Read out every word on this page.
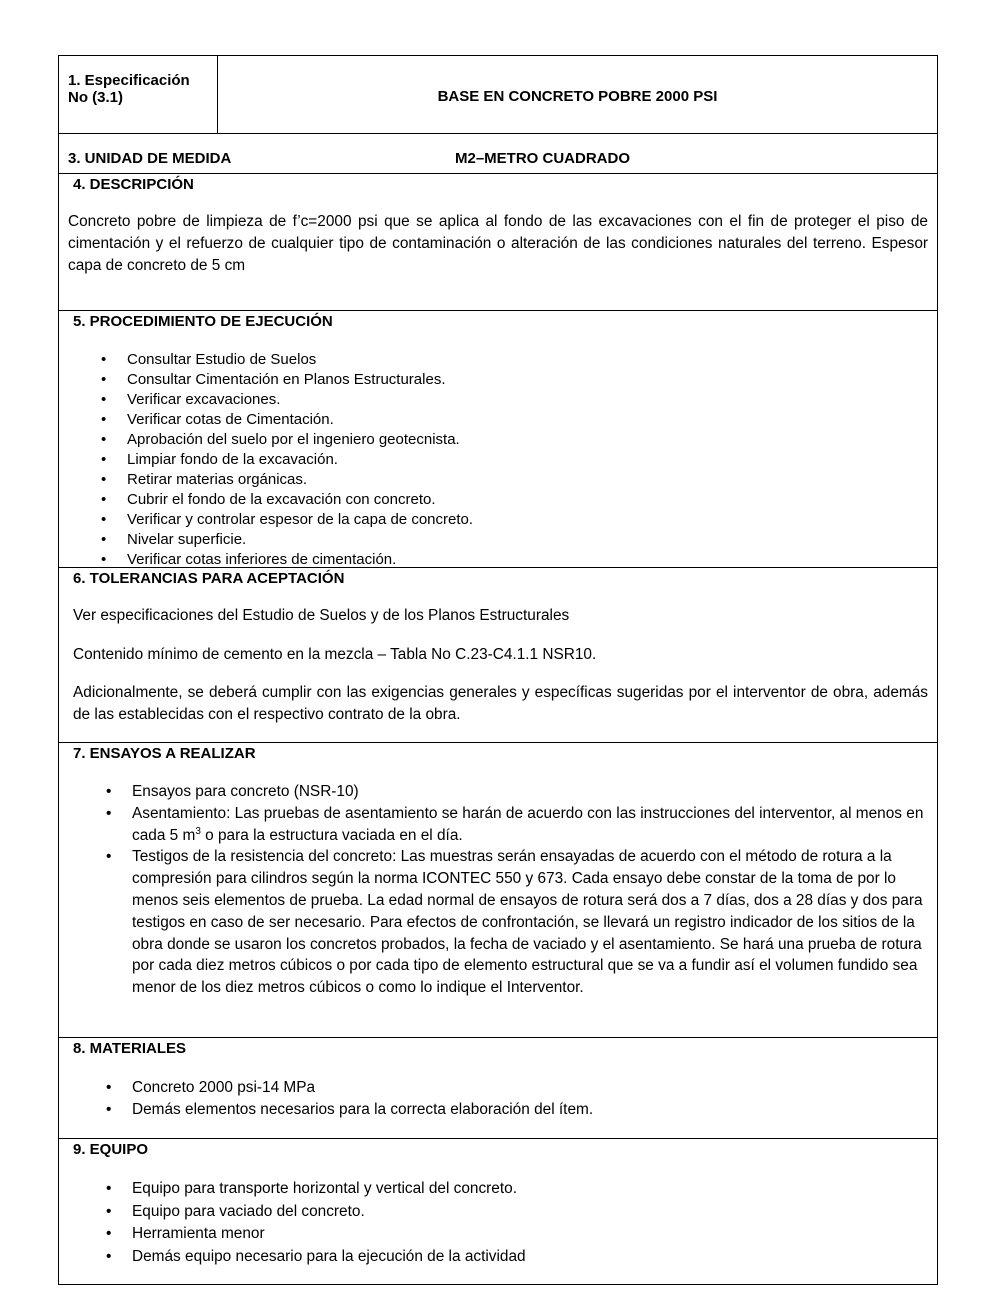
1. Especificación
No (3.1)	BASE EN CONCRETO POBRE 2000 PSI
3. UNIDAD DE MEDIDA	M2–METRO CUADRADO
4. DESCRIPCIÓN

Concreto pobre de limpieza de f’c=2000 psi que se aplica al fondo de las excavaciones con el fin de proteger el piso de cimentación y el refuerzo de cualquier tipo de contaminación o alteración de las condiciones naturales del terreno. Espesor capa de concreto de 5 cm

5. PROCEDIMIENTO DE EJECUCIÓN
• Consultar Estudio de Suelos
• Consultar Cimentación en Planos Estructurales.
• Verificar excavaciones.
• Verificar cotas de Cimentación.
• Aprobación del suelo por el ingeniero geotecnista.
• Limpiar fondo de la excavación.
• Retirar materias orgánicas.
• Cubrir el fondo de la excavación con concreto.
• Verificar y controlar espesor de la capa de concreto.
• Nivelar superficie.
• Verificar cotas inferiores de cimentación.
6. TOLERANCIAS PARA ACEPTACIÓN

Ver especificaciones del Estudio de Suelos y de los Planos Estructurales

Contenido mínimo de cemento en la mezcla – Tabla No C.23-C4.1.1 NSR10.

Adicionalmente, se deberá cumplir con las exigencias generales y específicas sugeridas por el interventor de obra, además de las establecidas con el respectivo contrato de la obra.

7. ENSAYOS A REALIZAR
• Ensayos para concreto (NSR-10)
• Asentamiento: Las pruebas de asentamiento se harán de acuerdo con las instrucciones del interventor, al menos en cada 5 $m^3$ o para la estructura vaciada en el día.
• Testigos de la resistencia del concreto: Las muestras serán ensayadas de acuerdo con el método de rotura a la compresión para cilindros según la norma ICONTEC 550 y 673. Cada ensayo debe constar de la toma de por lo menos seis elementos de prueba. La edad normal de ensayos de rotura será dos a 7 días, dos a 28 días y dos para testigos en caso de ser necesario. Para efectos de confrontación, se llevará un registro indicador de los sitios de la obra donde se usaron los concretos probados, la fecha de vaciado y el asentamiento. Se hará una prueba de rotura por cada diez metros cúbicos o por cada tipo de elemento estructural que se va a fundir así el volumen fundido sea menor de los diez metros cúbicos o como lo indique el Interventor.
8. MATERIALES
• Concreto 2000 psi-14 MPa
• Demás elementos necesarios para la correcta elaboración del ítem.
9. EQUIPO
• Equipo para transporte horizontal y vertical del concreto.
• Equipo para vaciado del concreto.
• Herramienta menor
• Demás equipo necesario para la ejecución de la actividad
